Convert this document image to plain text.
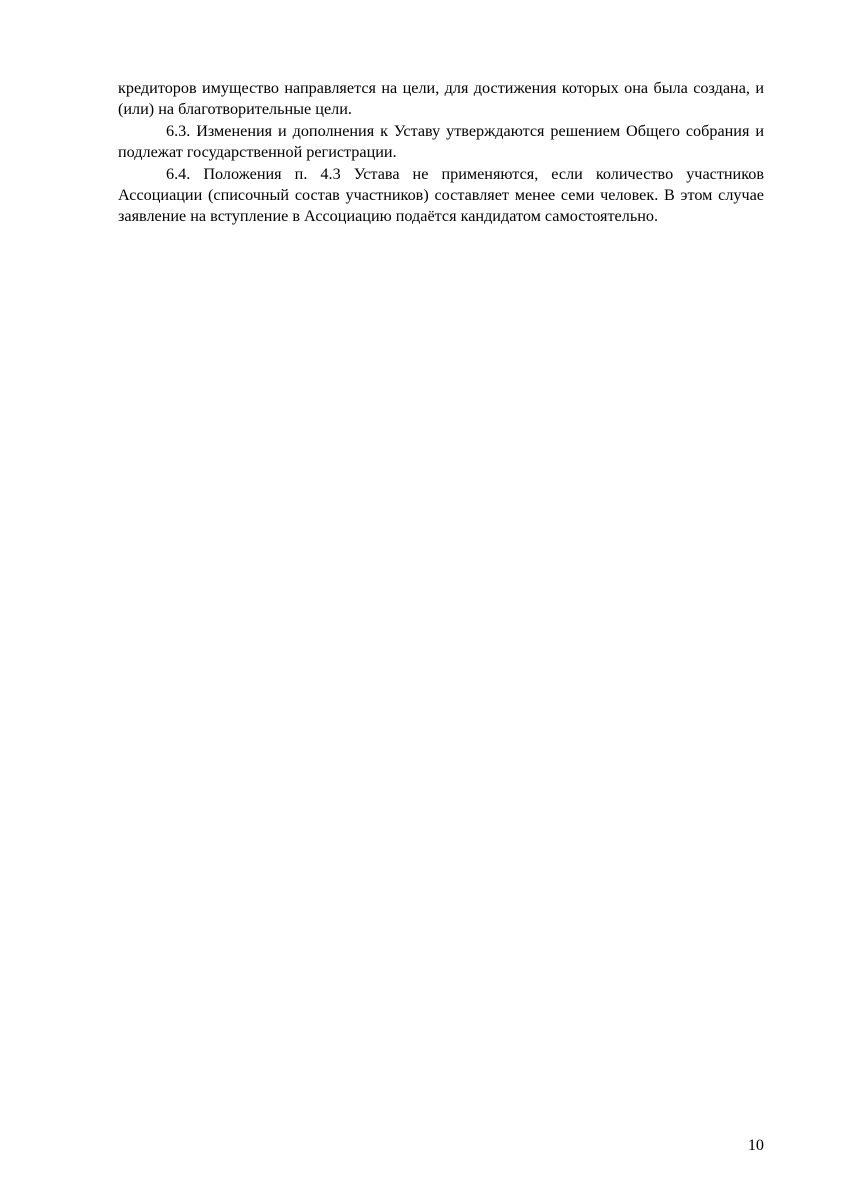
кредиторов имущество направляется на цели, для достижения которых она была создана, и (или) на благотворительные цели.

6.3. Изменения и дополнения к Уставу утверждаются решением Общего собрания и подлежат государственной регистрации.

6.4. Положения п. 4.3 Устава не применяются, если количество участников Ассоциации (списочный состав участников) составляет менее семи человек. В этом случае заявление на вступление в Ассоциацию подаётся кандидатом самостоятельно.

10
